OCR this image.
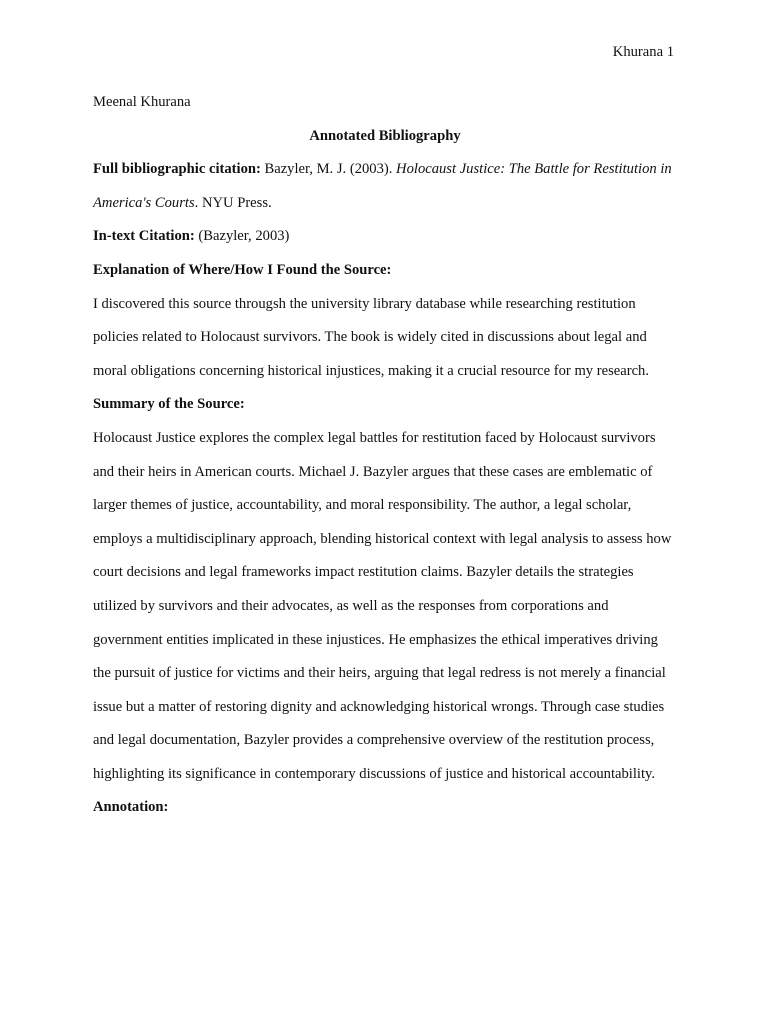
Khurana 1

Meenal Khurana

Annotated Bibliography

Full bibliographic citation: Bazyler, M. J. (2003). Holocaust Justice: The Battle for Restitution in America's Courts. NYU Press.

In-text Citation: (Bazyler, 2003)

Explanation of Where/How I Found the Source:

I discovered this source througsh the university library database while researching restitution policies related to Holocaust survivors. The book is widely cited in discussions about legal and moral obligations concerning historical injustices, making it a crucial resource for my research.

Summary of the Source:

Holocaust Justice explores the complex legal battles for restitution faced by Holocaust survivors and their heirs in American courts. Michael J. Bazyler argues that these cases are emblematic of larger themes of justice, accountability, and moral responsibility. The author, a legal scholar, employs a multidisciplinary approach, blending historical context with legal analysis to assess how court decisions and legal frameworks impact restitution claims. Bazyler details the strategies utilized by survivors and their advocates, as well as the responses from corporations and government entities implicated in these injustices. He emphasizes the ethical imperatives driving the pursuit of justice for victims and their heirs, arguing that legal redress is not merely a financial issue but a matter of restoring dignity and acknowledging historical wrongs. Through case studies and legal documentation, Bazyler provides a comprehensive overview of the restitution process, highlighting its significance in contemporary discussions of justice and historical accountability.

Annotation:
